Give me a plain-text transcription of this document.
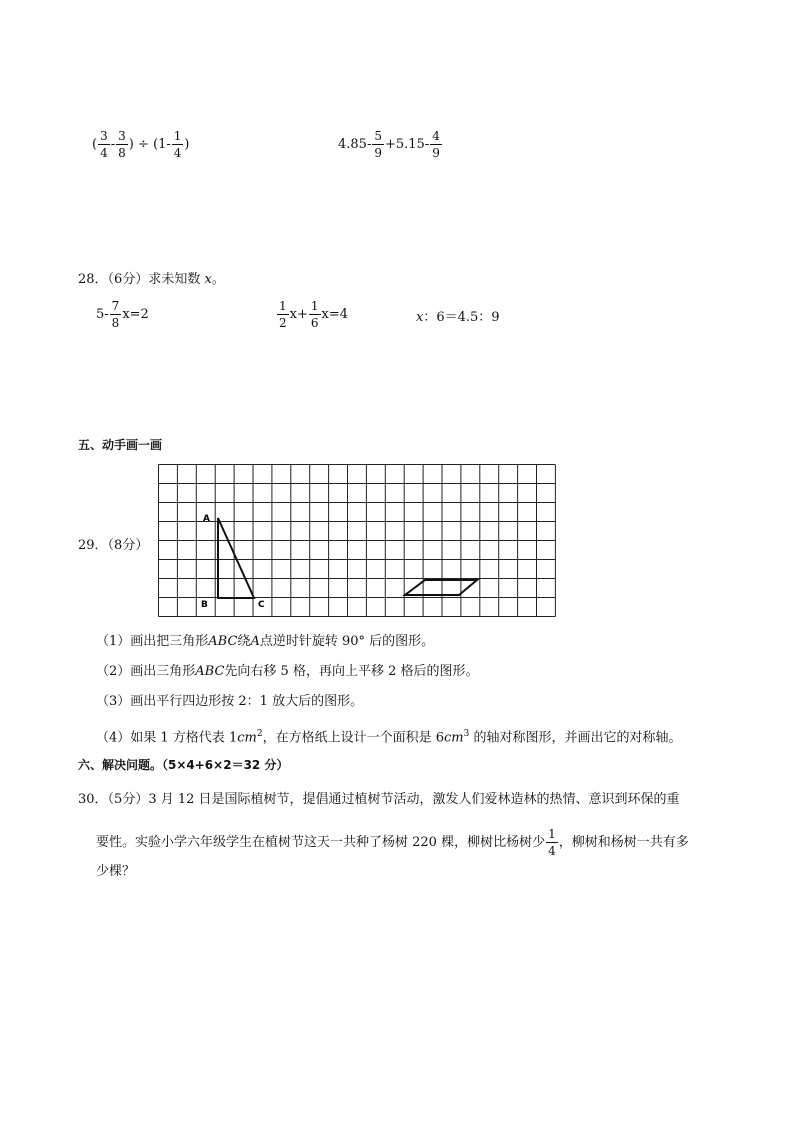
( $\frac{3}{4} - \frac{3}{8}$ ) ÷ ($1- \frac{1}{4}$ )	$4.85- \frac{5}{9} +5.15- \frac{4}{9}$
28．（6分）求未知数 x。
$5- \frac{7}{8} x=2$	$\frac{1}{2} x+ \frac{1}{6} x=4$	x：6＝4.5：9
五、动手画一画
29．（8分）
A
B	C
（1）画出把三角形ABC绕A点逆时针旋转 90° 后的图形。
（2）画出三角形ABC先向右移 5 格，再向上平移 2 格后的图形。
（3）画出平行四边形按 2：1 放大后的图形。
（4）如果 1 方格代表 $1cm^2$，在方格纸上设计一个面积是 $6cm^3$ 的轴对称图形，并画出它的对称轴。
六、解决问题。（5×4+6×2＝32 分）
30．（5分）3 月 12 日是国际植树节，提倡通过植树节活动，激发人们爱林造林的热情、意识到环保的重
要性。实验小学六年级学生在植树节这天一共种了杨树 220 棵，柳树比杨树少 $\frac{1}{4}$ ，柳树和杨树一共有多
少棵？
